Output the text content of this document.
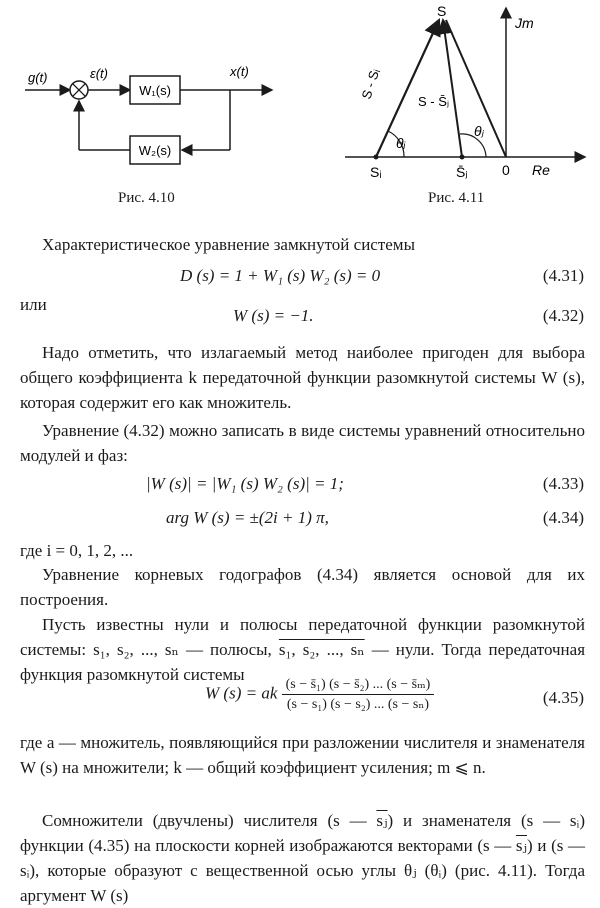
g(t)	ε(t)	x(t)
W₁(s)
W₂(s)
Рис. 4.10
S
Jm
Re
0
Sᵢ	S̄ⱼ
S - Sᵢ
S - S̄ⱼ
θᵢ
θⱼ
Рис. 4.11

Характеристическое уравнение замкнутой системы

D (s) = 1 + W₁ (s) W₂ (s) = 0	(4.31)
или
W (s) = −1.	(4.32)

Надо отметить, что излагаемый метод наиболее пригоден для выбора общего коэффициента k передаточной функции разомкнутой системы W (s), которая содержит его как множитель.

Уравнение (4.32) можно записать в виде системы уравнений относительно модулей и фаз:

|W (s)| = |W₁ (s) W₂ (s)| = 1;	(4.33)
arg W (s) = ±(2i + 1) π,	(4.34)
где i = 0, 1, 2, ...

Уравнение корневых годографов (4.34) является основой для их построения.

Пусть известны нули и полюсы передаточной функции разомкнутой системы: s₁, s₂, ..., sₙ — полюсы, s₁, s₂, ..., sₙ — нули. Тогда передаточная функция разомкнутой системы

W (s) = ak $\frac{\text{(s − s̄₁) (s − s̄₂) ... (s − s̄ₘ)}}{\text{(s − s₁) (s − s₂) ... (s − sₙ)}}$	(4.35)

где a — множитель, появляющийся при разложении числителя и знаменателя W (s) на множители; k — общий коэффициент усиления; m ⩽ n.

Сомножители (двучлены) числителя (s — $\overline{sⱼ}$) и знаменателя (s — sᵢ) функции (4.35) на плоскости корней изображаются векторами (s — $\overline{sⱼ}$) и (s — sᵢ), которые образуют с вещественной осью углы θⱼ (θᵢ) (рис. 4.11). Тогда аргумент W (s)
